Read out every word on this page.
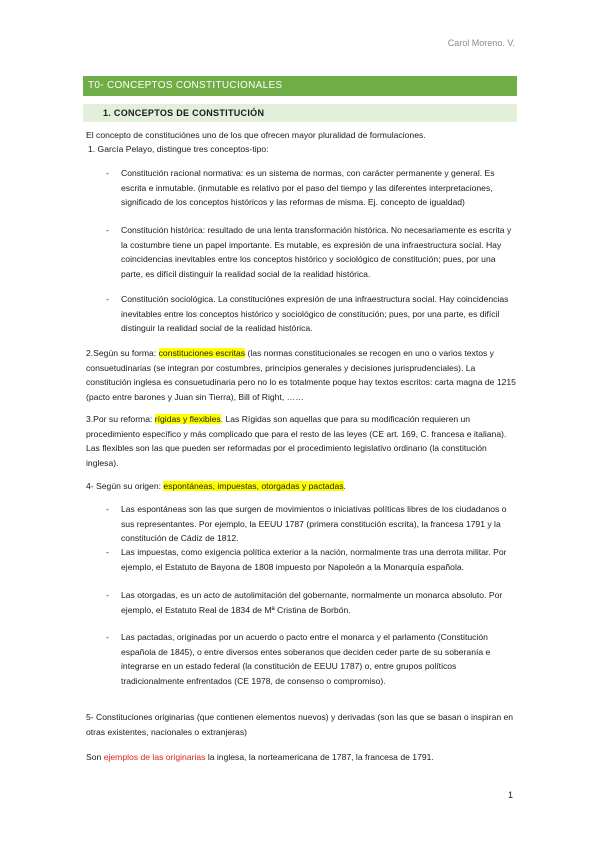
Carol Moreno. V.
T0- CONCEPTOS CONSTITUCIONALES
1. CONCEPTOS DE CONSTITUCIÓN

El concepto de constituciónes uno de los que ofrecen mayor pluralidad de formulaciones.

1. García Pelayo, distingue tres conceptos-tipo:

- Constitución racional normativa: es un sistema de normas, con carácter permanente y general. Es escrita e inmutable. (inmutable es relativo por el paso del tiempo y las diferentes interpretaciones, significado de los conceptos históricos y las reformas de misma. Ej. concepto de igualdad)

- Constitución histórica: resultado de una lenta transformación histórica. No necesariamente es escrita y la costumbre tiene un papel importante. Es mutable, es expresión de una infraestructura social. Hay coincidencias inevitables entre los conceptos histórico y sociológico de constitución; pues, por una parte, es difícil distinguir la realidad social de la realidad histórica.

- Constitución sociológica. La constituciónes expresión de una infraestructura social. Hay coincidencias inevitables entre los conceptos histórico y sociológico de constitución; pues, por una parte, es difícil distinguir la realidad social de la realidad histórica.

2.Según su forma: constituciones escritas (las normas constitucionales se recogen en uno o varios textos y consuetudinarias (se integran por costumbres, principios generales y decisiones jurisprudenciales). La constitución inglesa es consuetudinaria pero no lo es totalmente poque hay textos escritos: carta magna de 1215 (pacto entre barones y Juan sin Tierra), Bill of Right, ……

3.Por su reforma: rígidas y flexibles. Las Rígidas son aquellas que para su modificación requieren un procedimiento específico y más complicado que para el resto de las leyes (CE art. 169, C. francesa e italiana). Las flexibles son las que pueden ser reformadas por el procedimiento legislativo ordinario (la constitución inglesa).

4- Según su origen: espontáneas, impuestas, otorgadas y pactadas.

- Las espontáneas son las que surgen de movimientos o iniciativas políticas libres de los ciudadanos o sus representantes. Por ejemplo, la EEUU 1787 (primera constitución escrita), la francesa 1791 y la constitución de Cádiz de 1812.

- Las impuestas, como exigencia política exterior a la nación, normalmente tras una derrota militar. Por ejemplo, el Estatuto de Bayona de 1808 impuesto por Napoleón a la Monarquía española.

- Las otorgadas, es un acto de autolimitación del gobernante, normalmente un monarca absoluto. Por ejemplo, el Estatuto Real de 1834 de Mª Cristina de Borbón.

- Las pactadas, originadas por un acuerdo o pacto entre el monarca y el parlamento (Constitución española de 1845), o entre diversos entes soberanos que deciden ceder parte de su soberanía e integrarse en un estado federal (la constitución de EEUU 1787) o, entre grupos políticos tradicionalmente enfrentados (CE 1978, de consenso o compromiso).

5- Constituciones originarias (que contienen elementos nuevos) y derivadas (son las que se basan o inspiran en otras existentes, nacionales o extranjeras)

Son ejemplos de las originarias la inglesa, la norteamericana de 1787, la francesa de 1791.

1
